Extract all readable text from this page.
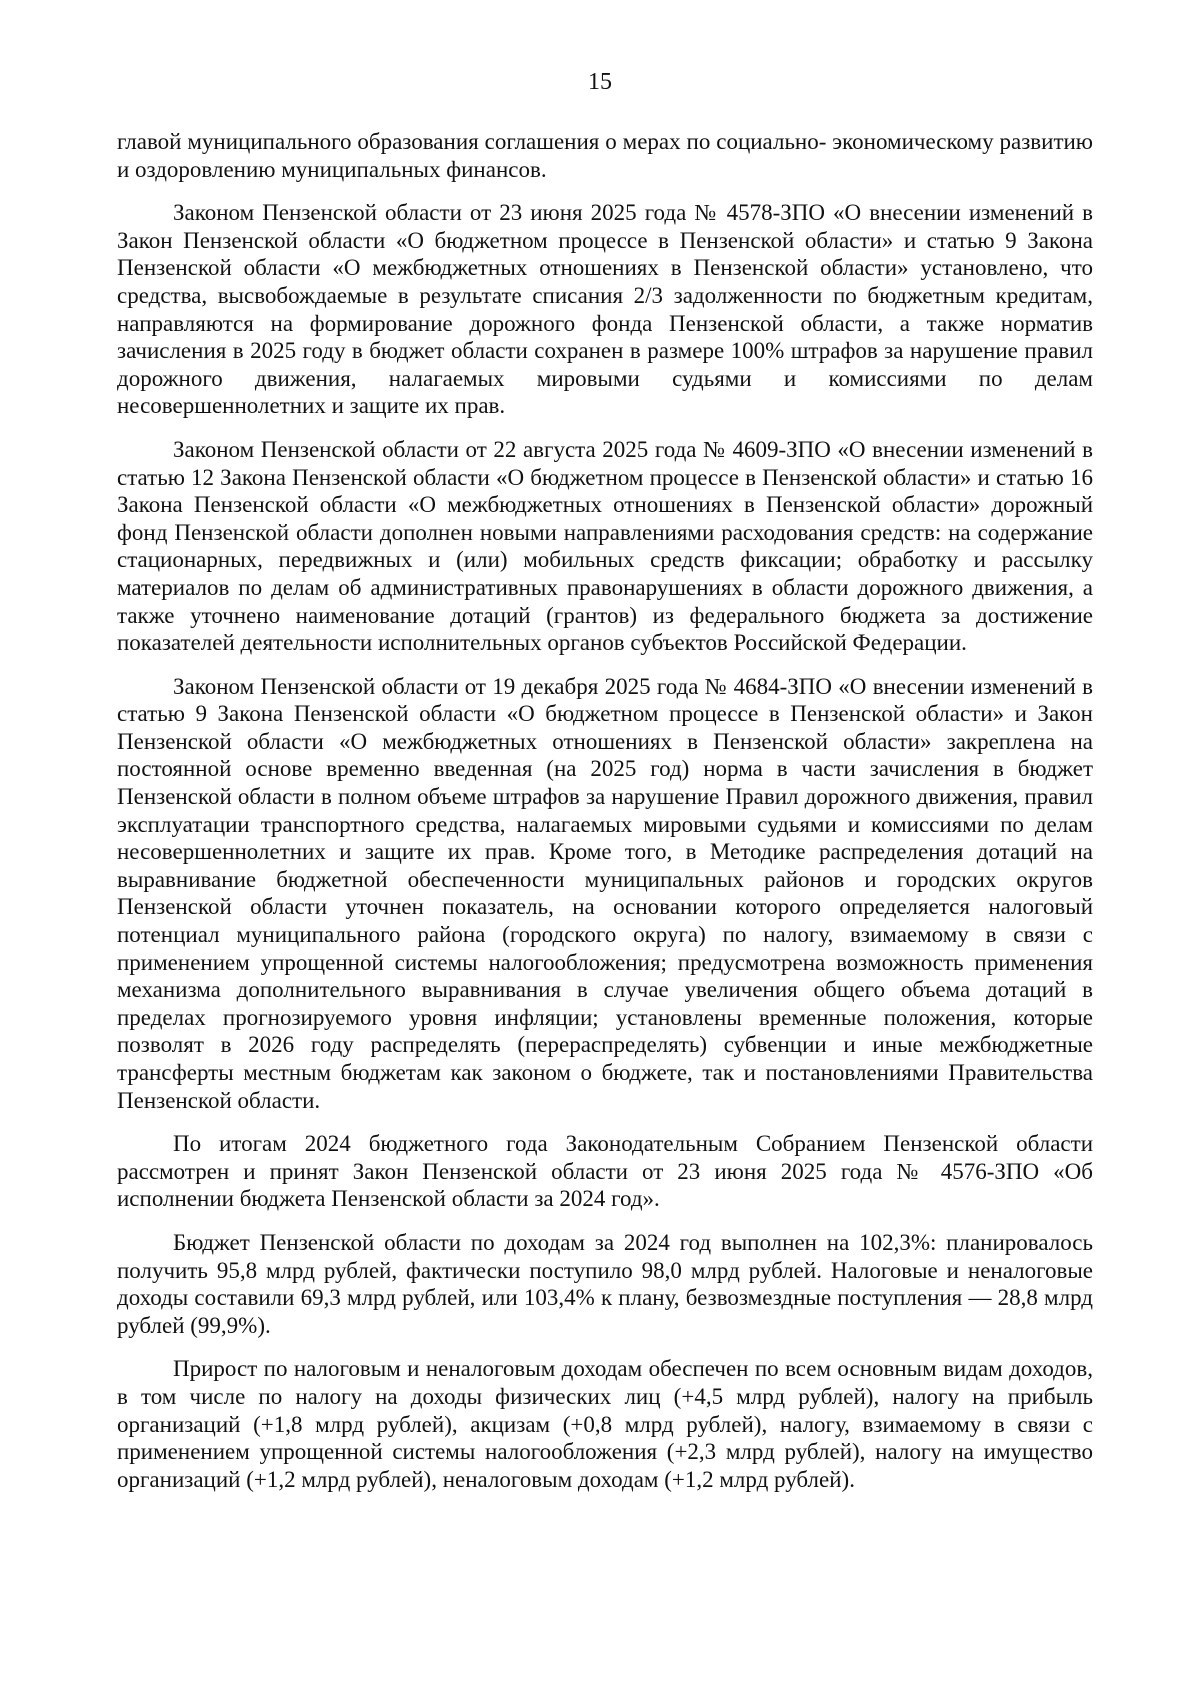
15

главой муниципального образования соглашения о мерах по социально- экономическому развитию и оздоровлению муниципальных финансов.

Законом Пензенской области от 23 июня 2025 года № 4578-ЗПО «О внесении изменений в Закон Пензенской области «О бюджетном процессе в Пензенской области» и статью 9 Закона Пензенской области «О межбюджетных отношениях в Пензенской области» установлено, что средства, высвобождаемые в результате списания 2/3 задолженности по бюджетным кредитам, направляются на формирование дорожного фонда Пензенской области, а также норматив зачисления в 2025 году в бюджет области сохранен в размере 100% штрафов за нарушение правил дорожного движения, налагаемых мировыми судьями и комиссиями по делам несовершеннолетних и защите их прав.

Законом Пензенской области от 22 августа 2025 года № 4609-ЗПО «О внесении изменений в статью 12 Закона Пензенской области «О бюджетном процессе в Пензенской области» и статью 16 Закона Пензенской области «О межбюджетных отношениях в Пензенской области» дорожный фонд Пензенской области дополнен новыми направлениями расходования средств: на содержание стационарных, передвижных и (или) мобильных средств фиксации; обработку и рассылку материалов по делам об административных правонарушениях в области дорожного движения, а также уточнено наименование дотаций (грантов) из федерального бюджета за достижение показателей деятельности исполнительных органов субъектов Российской Федерации.

Законом Пензенской области от 19 декабря 2025 года № 4684-ЗПО «О внесении изменений в статью 9 Закона Пензенской области «О бюджетном процессе в Пензенской области» и Закон Пензенской области «О межбюджетных отношениях в Пензенской области» закреплена на постоянной основе временно введенная (на 2025 год) норма в части зачисления в бюджет Пензенской области в полном объеме штрафов за нарушение Правил дорожного движения, правил эксплуатации транспортного средства, налагаемых мировыми судьями и комиссиями по делам несовершеннолетних и защите их прав. Кроме того, в Методике распределения дотаций на выравнивание бюджетной обеспеченности муниципальных районов и городских округов Пензенской области уточнен показатель, на основании которого определяется налоговый потенциал муниципального района (городского округа) по налогу, взимаемому в связи с применением упрощенной системы налогообложения; предусмотрена возможность применения механизма дополнительного выравнивания в случае увеличения общего объема дотаций в пределах прогнозируемого уровня инфляции; установлены временные положения, которые позволят в 2026 году распределять (перераспределять) субвенции и иные межбюджетные трансферты местным бюджетам как законом о бюджете, так и постановлениями Правительства Пензенской области.

По итогам 2024 бюджетного года Законодательным Собранием Пензенской области рассмотрен и принят Закон Пензенской области от 23 июня 2025 года № 4576-ЗПО «Об исполнении бюджета Пензенской области за 2024 год».

Бюджет Пензенской области по доходам за 2024 год выполнен на 102,3%: планировалось получить 95,8 млрд рублей, фактически поступило 98,0 млрд рублей. Налоговые и неналоговые доходы составили 69,3 млрд рублей, или 103,4% к плану, безвозмездные поступления — 28,8 млрд рублей (99,9%).

Прирост по налоговым и неналоговым доходам обеспечен по всем основным видам доходов, в том числе по налогу на доходы физических лиц (+4,5 млрд рублей), налогу на прибыль организаций (+1,8 млрд рублей), акцизам (+0,8 млрд рублей), налогу, взимаемому в связи с применением упрощенной системы налогообложения (+2,3 млрд рублей), налогу на имущество организаций (+1,2 млрд рублей), неналоговым доходам (+1,2 млрд рублей).
